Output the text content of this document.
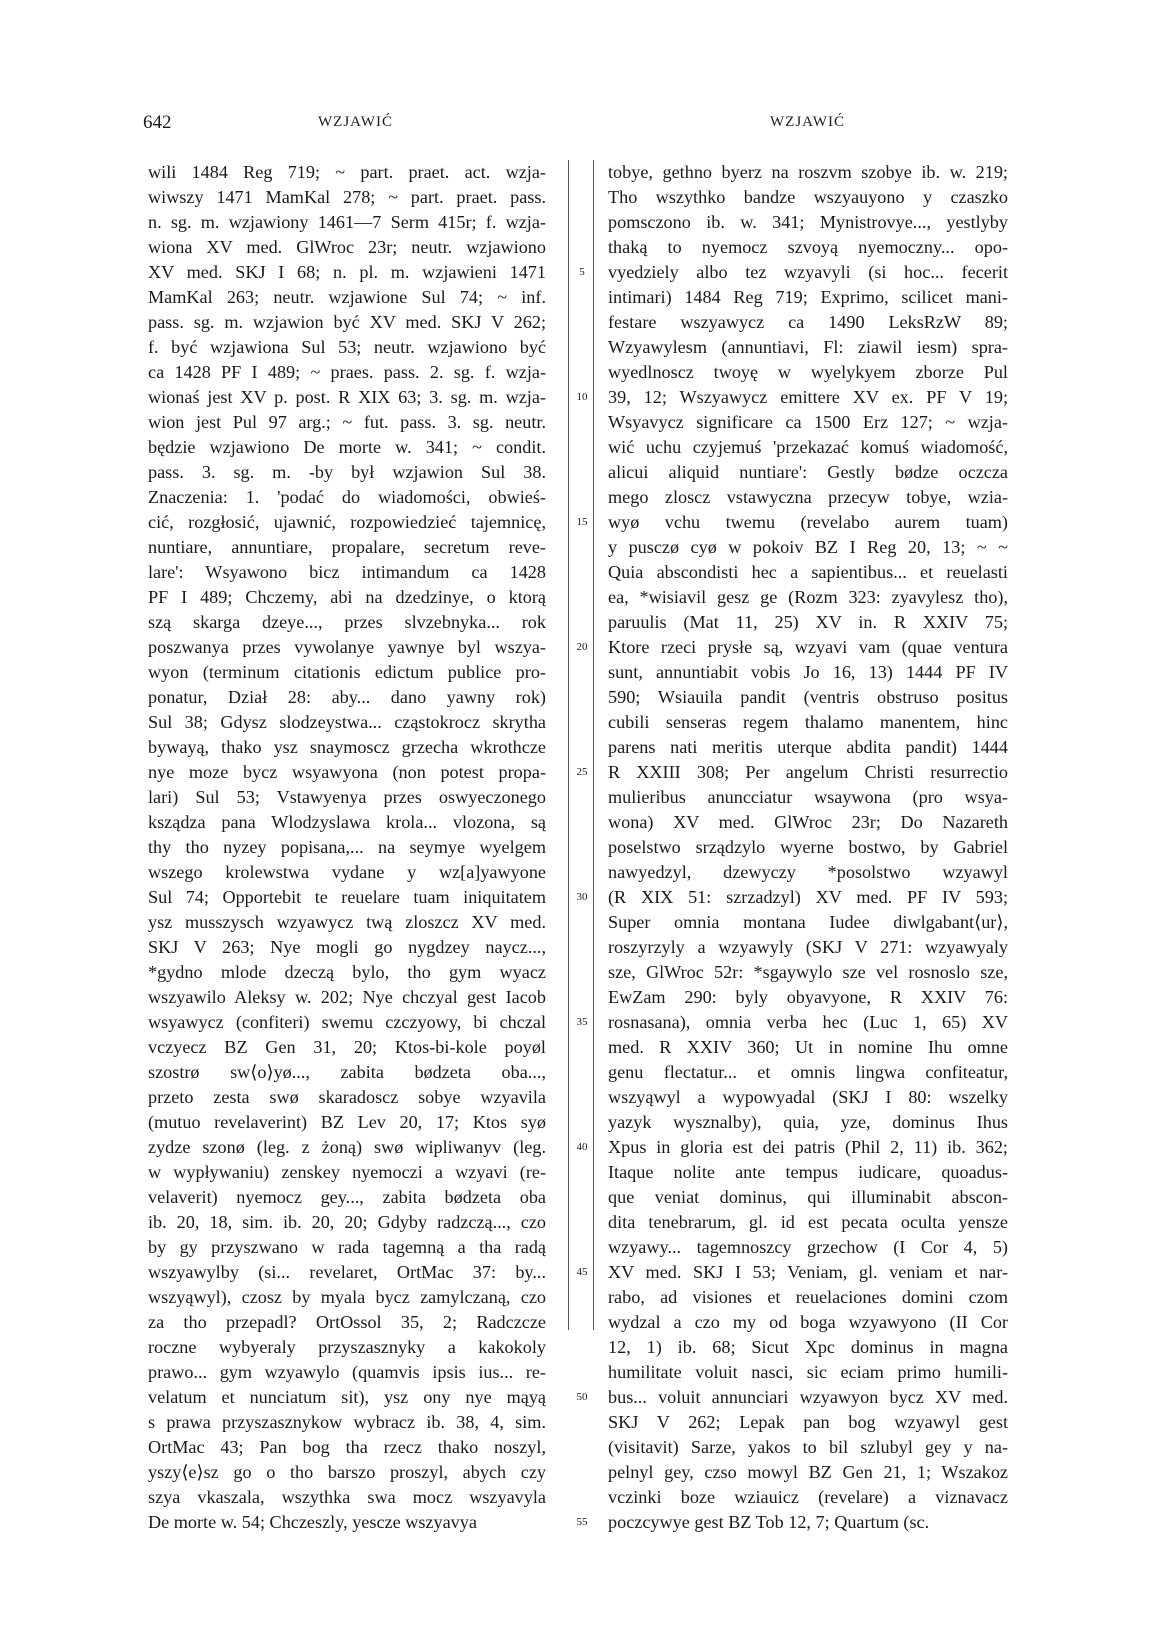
642	WZJAWIĆ	WZJAWIĆ
wili 1484 Reg 719; ~ part. praet. act. wzja-
wiwszy 1471 MamKal 278; ~ part. praet. pass.
n. sg. m. wzjawiony 1461—7 Serm 415r; f. wzja-
wiona XV med. GlWroc 23r; neutr. wzjawiono
XV med. SKJ I 68; n. pl. m. wzjawieni 1471
MamKal 263; neutr. wzjawione Sul 74; ~ inf.
pass. sg. m. wzjawion być XV med. SKJ V 262;
f. być wzjawiona Sul 53; neutr. wzjawiono być
ca 1428 PF I 489; ~ praes. pass. 2. sg. f. wzja-
wionaś jest XV p. post. R XIX 63; 3. sg. m. wzja-
wion jest Pul 97 arg.; ~ fut. pass. 3. sg. neutr.
będzie wzjawiono De morte w. 341; ~ condit.
pass. 3. sg. m. -by był wzjawion Sul 38.
Znaczenia: 1. 'podać do wiadomości, obwieś-
cić, rozgłosić, ujawnić, rozpowiedzieć tajemnicę,
nuntiare, annuntiare, propalare, secretum reve-
lare': Wsyawono bicz intimandum ca 1428
PF I 489; Chczemy, abi na dzedzinye, o ktorą
szą skarga dzeye..., przes slvzebnyka... rok
poszwanya przes vywolanye yawnye byl wszya-
wyon (terminum citationis edictum publice pro-
ponatur, Dział 28: aby... dano yawny rok)
Sul 38; Gdysz slodzeystwa... cząstokrocz skrytha
bywayą, thako ysz snaymoscz grzecha wkrothcze
nye moze bycz wsyawyona (non potest propa-
lari) Sul 53; Vstawyenya przes oswyeczonego
ksządza pana Wlodzyslawa krola... vlozona, są
thy tho nyzey popisana,... na seymye wyelgem
wszego krolewstwa vydane y wz[a]yawyone
Sul 74; Opportebit te reuelare tuam iniquitatem
ysz musszysch wzyawycz twą zloszcz XV med.
SKJ V 263; Nye mogli go nygdzey naycz...,
*gydno mlode dzeczą bylo, tho gym wyacz
wszyawilo Aleksy w. 202; Nye chczyal gest Iacob
wsyawycz (confiteri) swemu czczyowy, bi chczal
vczyecz BZ Gen 31, 20; Ktos-bi-kole poyøl
szostrø sw⟨o⟩yø..., zabita bødzeta oba...,
przeto zesta swø skaradoscz sobye wzyavila
(mutuo revelaverint) BZ Lev 20, 17; Ktos syø
zydze szonø (leg. z żoną) swø wipliwanyv (leg.
w wypływaniu) zenskey nyemoczi a wzyavi (re-
velaverit) nyemocz gey..., zabita bødzeta oba
ib. 20, 18, sim. ib. 20, 20; Gdyby radzczą..., czo
by gy przyszwano w rada tagemną a tha radą
wszyawylby (si... revelaret, OrtMac 37: by...
wszyąwyl), czosz by myala bycz zamylczaną, czo
za tho przepadl? OrtOssol 35, 2; Radczcze
roczne wybyeraly przyszasznyky a kakokoly
prawo... gym wzyawylo (quamvis ipsis ius... re-
velatum et nunciatum sit), ysz ony nye mąyą
s prawa przyszasznykow wybracz ib. 38, 4, sim.
OrtMac 43; Pan bog tha rzecz thako noszyl,
yszy⟨e⟩sz go o tho barszo proszyl, abych czy
szya vkaszala, wszythka swa mocz wszyavyla
De morte w. 54; Chczeszly, yescze wszyavya
5
10
15
20
25
30
35
40
45
50
55
tobye, gethno byerz na roszvm szobye ib. w. 219;
Tho wszythko bandze wszyauyono y czaszko
pomsczono ib. w. 341; Mynistrovye..., yestlyby
thaką to nyemocz szvoyą nyemoczny... opo-
vyedziely albo tez wzyavyli (si hoc... fecerit
intimari) 1484 Reg 719; Exprimo, scilicet mani-
festare wszyawycz ca 1490 LeksRzW 89;
Wzyawylesm (annuntiavi, Fl: ziawil iesm) spra-
wyedlnoscz twoyę w wyelykyem zborze Pul
39, 12; Wszyawycz emittere XV ex. PF V 19;
Wsyavycz significare ca 1500 Erz 127; ~ wzja-
wić uchu czyjemuś 'przekazać komuś wiadomość,
alicui aliquid nuntiare': Gestly bødze oczcza
mego zloscz vstawyczna przecyw tobye, wzia-
wyø vchu twemu (revelabo aurem tuam)
y pusczø cyø w pokoiv BZ I Reg 20, 13; ~ ~
Quia abscondisti hec a sapientibus... et reuelasti
ea, *wisiavil gesz ge (Rozm 323: zyavylesz tho),
paruulis (Mat 11, 25) XV in. R XXIV 75;
Ktore rzeci prysłe są, wzyavi vam (quae ventura
sunt, annuntiabit vobis Jo 16, 13) 1444 PF IV
590; Wsiauila pandit (ventris obstruso positus
cubili senseras regem thalamo manentem, hinc
parens nati meritis uterque abdita pandit) 1444
R XXIII 308; Per angelum Christi resurrectio
mulieribus anuncciatur wsaywona (pro wsya-
wona) XV med. GlWroc 23r; Do Nazareth
poselstwo srządzylo wyerne bostwo, by Gabriel
nawyedzyl, dzewyczy *posolstwo wzyawyl
(R XIX 51: szrzadzyl) XV med. PF IV 593;
Super omnia montana Iudee diwlgabant⟨ur⟩,
roszyrzyly a wzyawyly (SKJ V 271: wzyawyaly
sze, GlWroc 52r: *sgaywylo sze vel rosnoslo sze,
EwZam 290: byly obyavyone, R XXIV 76:
rosnasana), omnia verba hec (Luc 1, 65) XV
med. R XXIV 360; Ut in nomine Ihu omne
genu flectatur... et omnis lingwa confiteatur,
wszyąwyl a wypowyadal (SKJ I 80: wszelky
yazyk wysznalby), quia, yze, dominus Ihus
Xpus in gloria est dei patris (Phil 2, 11) ib. 362;
Itaque nolite ante tempus iudicare, quoadus-
que veniat dominus, qui illuminabit abscon-
dita tenebrarum, gl. id est pecata oculta yensze
wzyawy... tagemnoszcy grzechow (I Cor 4, 5)
XV med. SKJ I 53; Veniam, gl. veniam et nar-
rabo, ad visiones et reuelaciones domini czom
wydzal a czo my od boga wzyawyono (II Cor
12, 1) ib. 68; Sicut Xpc dominus in magna
humilitate voluit nasci, sic eciam primo humili-
bus... voluit annunciari wzyawyon bycz XV med.
SKJ V 262; Lepak pan bog wzyawyl gest
(visitavit) Sarze, yakos to bil szlubyl gey y na-
pelnyl gey, czso mowyl BZ Gen 21, 1; Wszakoz
vczinki boze wziauicz (revelare) a viznavacz
poczcywye gest BZ Tob 12, 7; Quartum (sc.
